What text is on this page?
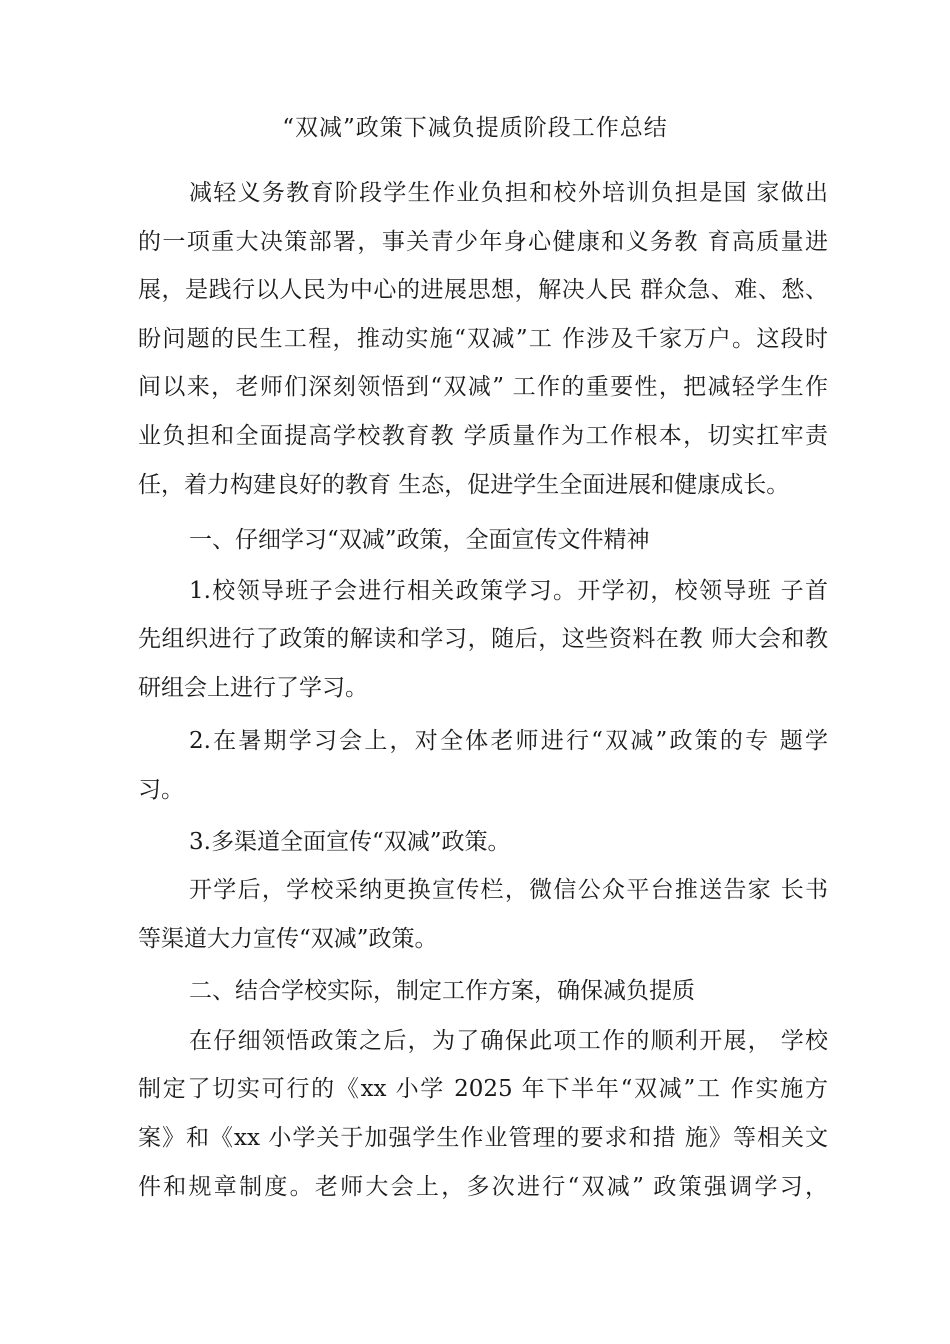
“双减”政策下减负提质阶段工作总结
减轻义务教育阶段学生作业负担和校外培训负担是国 家做出
的一项重大决策部署，事关青少年身心健康和义务教 育高质量进
展，是践行以人民为中心的进展思想，解决人民 群众急、难、愁、
盼问题的民生工程，推动实施“双减”工 作涉及千家万户。这段时
间以来，老师们深刻领悟到“双减” 工作的重要性，把减轻学生作
业负担和全面提高学校教育教 学质量作为工作根本，切实扛牢责
任，着力构建良好的教育 生态，促进学生全面进展和健康成长。
一、仔细学习“双减”政策，全面宣传文件精神
1.校领导班子会进行相关政策学习。开学初，校领导班 子首
先组织进行了政策的解读和学习，随后，这些资料在教 师大会和教
研组会上进行了学习。
2.在暑期学习会上，对全体老师进行“双减”政策的专 题学
习。
3.多渠道全面宣传“双减”政策。
开学后，学校采纳更换宣传栏，微信公众平台推送告家 长书
等渠道大力宣传“双减”政策。
二、结合学校实际，制定工作方案，确保减负提质
在仔细领悟政策之后，为了确保此项工作的顺利开展， 学校
制定了切实可行的《xx 小学 2025 年下半年“双减”工 作实施方
案》和《xx 小学关于加强学生作业管理的要求和措 施》等相关文
件和规章制度。老师大会上，多次进行“双减” 政策强调学习，
